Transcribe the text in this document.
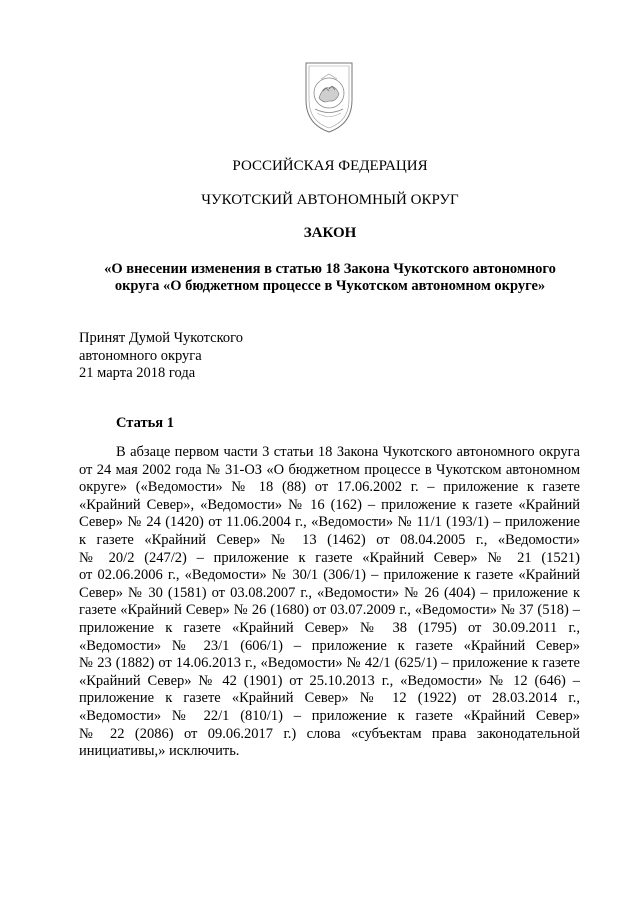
РОССИЙСКАЯ ФЕДЕРАЦИЯ
ЧУКОТСКИЙ АВТОНОМНЫЙ ОКРУГ
ЗАКОН
«О внесении изменения в статью 18 Закона Чукотского автономного
округа «О бюджетном процессе в Чукотском автономном округе»
Принят Думой Чукотского
автономного округа
21 марта 2018 года
Статья 1
В абзаце первом части 3 статьи 18 Закона Чукотского автономного округа
от 24 мая 2002 года № 31-ОЗ «О бюджетном процессе в Чукотском автономном
округе» («Ведомости» № 18 (88) от 17.06.2002 г. – приложение к газете
«Крайний Север», «Ведомости» № 16 (162) – приложение к газете «Крайний
Север» № 24 (1420) от 11.06.2004 г., «Ведомости» № 11/1 (193/1) – приложение
к газете «Крайний Север» № 13 (1462) от 08.04.2005 г., «Ведомости»
№ 20/2 (247/2) – приложение к газете «Крайний Север» № 21 (1521)
от 02.06.2006 г., «Ведомости» № 30/1 (306/1) – приложение к газете «Крайний
Север» № 30 (1581) от 03.08.2007 г., «Ведомости» № 26 (404) – приложение к
газете «Крайний Север» № 26 (1680) от 03.07.2009 г., «Ведомости» № 37 (518) –
приложение к газете «Крайний Север» № 38 (1795) от 30.09.2011 г.,
«Ведомости» № 23/1 (606/1) – приложение к газете «Крайний Север»
№ 23 (1882) от 14.06.2013 г., «Ведомости» № 42/1 (625/1) – приложение к газете
«Крайний Север» № 42 (1901) от 25.10.2013 г., «Ведомости» № 12 (646) –
приложение к газете «Крайний Север» № 12 (1922) от 28.03.2014 г.,
«Ведомости» № 22/1 (810/1) – приложение к газете «Крайний Север»
№ 22 (2086) от 09.06.2017 г.) слова «субъектам права законодательной
инициативы,» исключить.
